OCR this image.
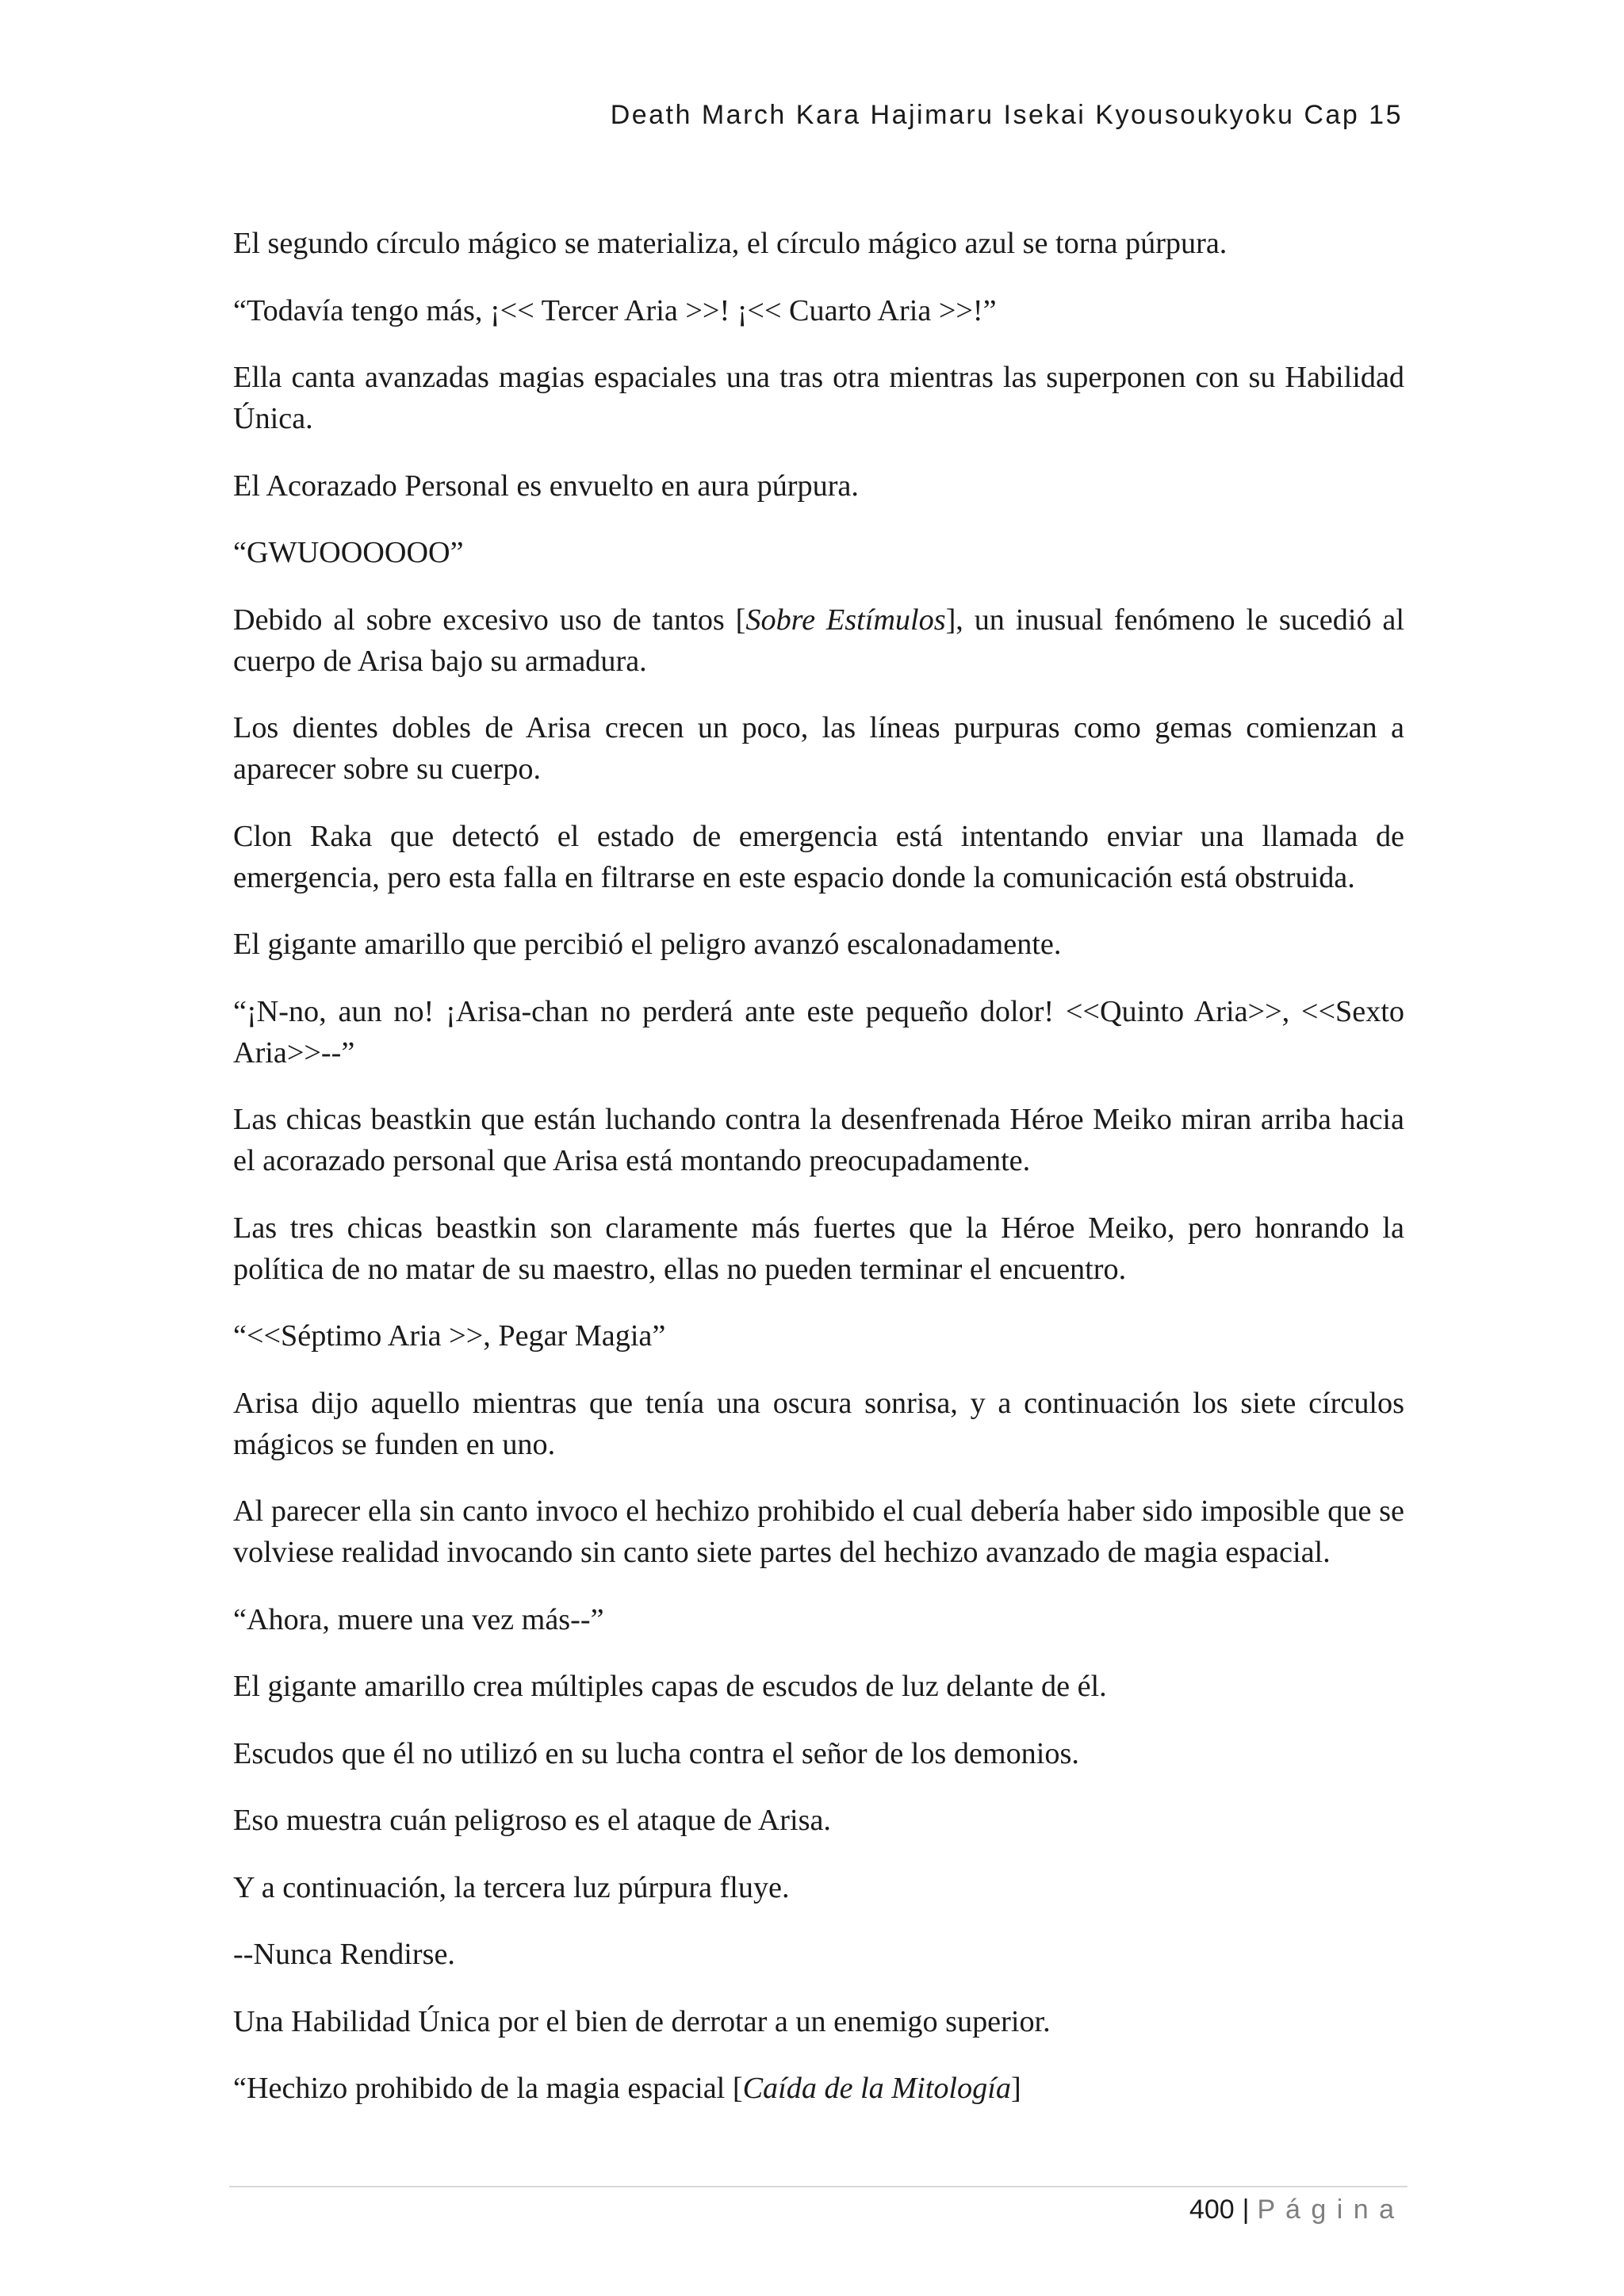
Death March Kara Hajimaru Isekai Kyousoukyoku Cap 15

El segundo círculo mágico se materializa, el círculo mágico azul se torna púrpura.

“Todavía tengo más, ¡<< Tercer Aria >>! ¡<< Cuarto Aria >>!”

Ella canta avanzadas magias espaciales una tras otra mientras las superponen con su Habilidad Única.

El Acorazado Personal es envuelto en aura púrpura.

“GWUOOOOOO”

Debido al sobre excesivo uso de tantos [Sobre Estímulos], un inusual fenómeno le sucedió al cuerpo de Arisa bajo su armadura.

Los dientes dobles de Arisa crecen un poco, las líneas purpuras como gemas comienzan a aparecer sobre su cuerpo.

Clon Raka que detectó el estado de emergencia está intentando enviar una llamada de emergencia, pero esta falla en filtrarse en este espacio donde la comunicación está obstruida.

El gigante amarillo que percibió el peligro avanzó escalonadamente.

“¡N-no, aun no! ¡Arisa-chan no perderá ante este pequeño dolor! <<Quinto Aria>>, <<Sexto Aria>>--”

Las chicas beastkin que están luchando contra la desenfrenada Héroe Meiko miran arriba hacia el acorazado personal que Arisa está montando preocupadamente.

Las tres chicas beastkin son claramente más fuertes que la Héroe Meiko, pero honrando la política de no matar de su maestro, ellas no pueden terminar el encuentro.

“<<Séptimo Aria >>, Pegar Magia”

Arisa dijo aquello mientras que tenía una oscura sonrisa, y a continuación los siete círculos mágicos se funden en uno.

Al parecer ella sin canto invoco el hechizo prohibido el cual debería haber sido imposible que se volviese realidad invocando sin canto siete partes del hechizo avanzado de magia espacial.

“Ahora, muere una vez más--”

El gigante amarillo crea múltiples capas de escudos de luz delante de él.

Escudos que él no utilizó en su lucha contra el señor de los demonios.

Eso muestra cuán peligroso es el ataque de Arisa.

Y a continuación, la tercera luz púrpura fluye.

--Nunca Rendirse.

Una Habilidad Única por el bien de derrotar a un enemigo superior.

“Hechizo prohibido de la magia espacial [Caída de la Mitología]

400 | P á g i n a
